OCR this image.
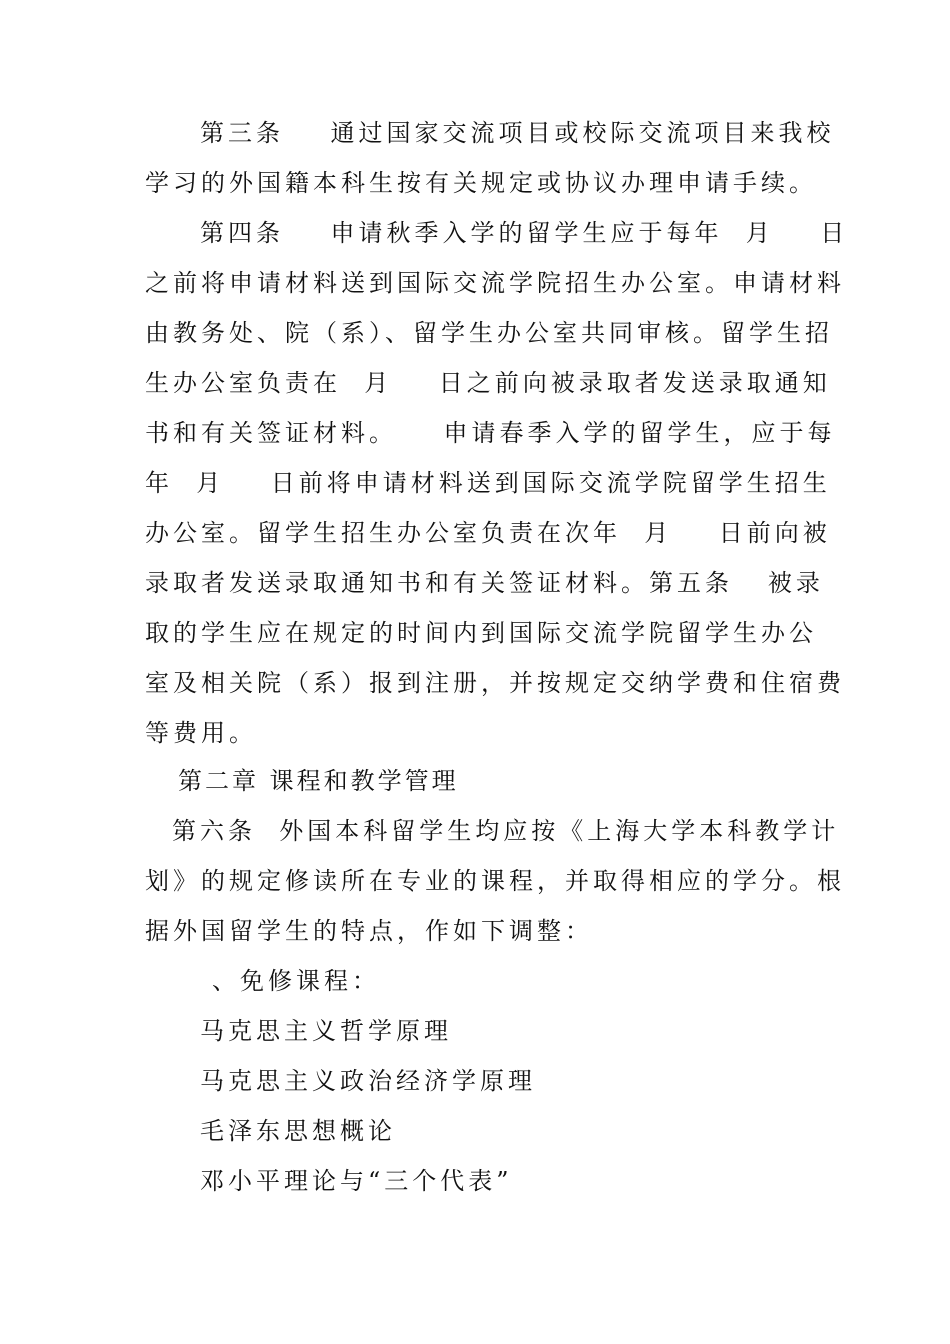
第三条    通过国家交流项目或校际交流项目来我校
学习的外国籍本科生按有关规定或协议办理申请手续。
第四条    申请秋季入学的留学生应于每年  月    日
之前将申请材料送到国际交流学院招生办公室。申请材料
由教务处、院（系）、留学生办公室共同审核。留学生招
生办公室负责在  月    日之前向被录取者发送录取通知
书和有关签证材料。    申请春季入学的留学生，应于每
年  月    日前将申请材料送到国际交流学院留学生招生
办公室。留学生招生办公室负责在次年  月    日前向被
录取者发送录取通知书和有关签证材料。第五条   被录
取的学生应在规定的时间内到国际交流学院留学生办公
室及相关院（系）报到注册，并按规定交纳学费和住宿费
等费用。
第二章 课程和教学管理
第六条  外国本科留学生均应按《上海大学本科教学计
划》的规定修读所在专业的课程，并取得相应的学分。根
据外国留学生的特点，作如下调整：
、免修课程：
马克思主义哲学原理
马克思主义政治经济学原理
毛泽东思想概论
邓小平理论与“三个代表”
